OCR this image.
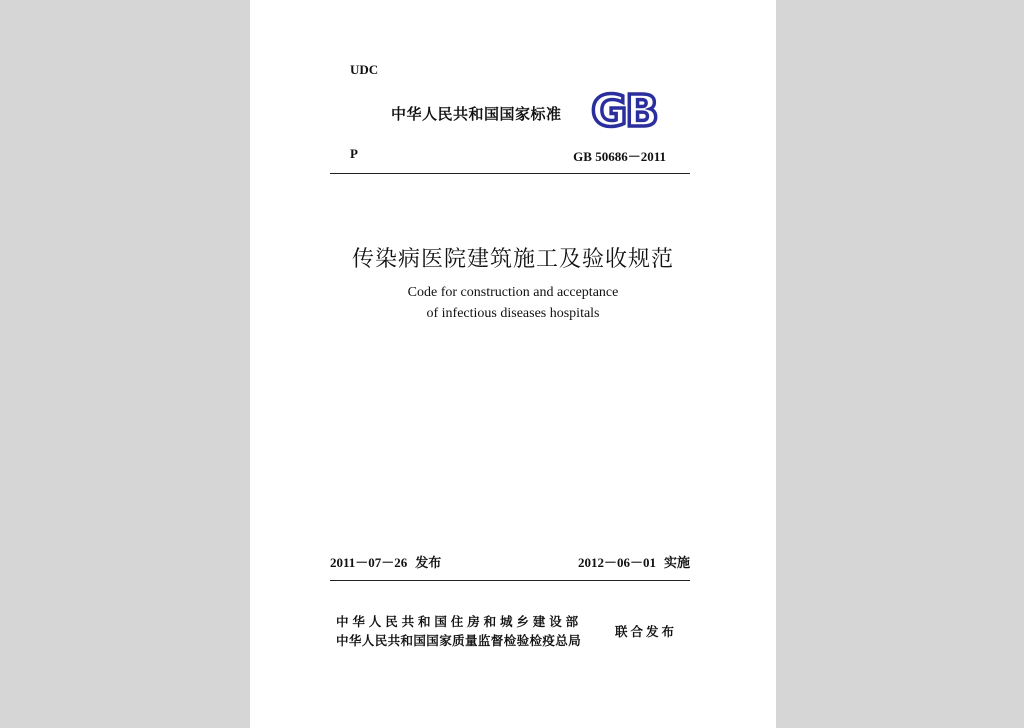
UDC
中华人民共和国国家标准 GB
P	GB 50686－2011
传染病医院建筑施工及验收规范
Code for construction and acceptance
of infectious diseases hospitals
2011－07－26 发布	2012－06－01 实施
中华人民共和国住房和城乡建设部
中华人民共和国国家质量监督检验检疫总局
联合发布
